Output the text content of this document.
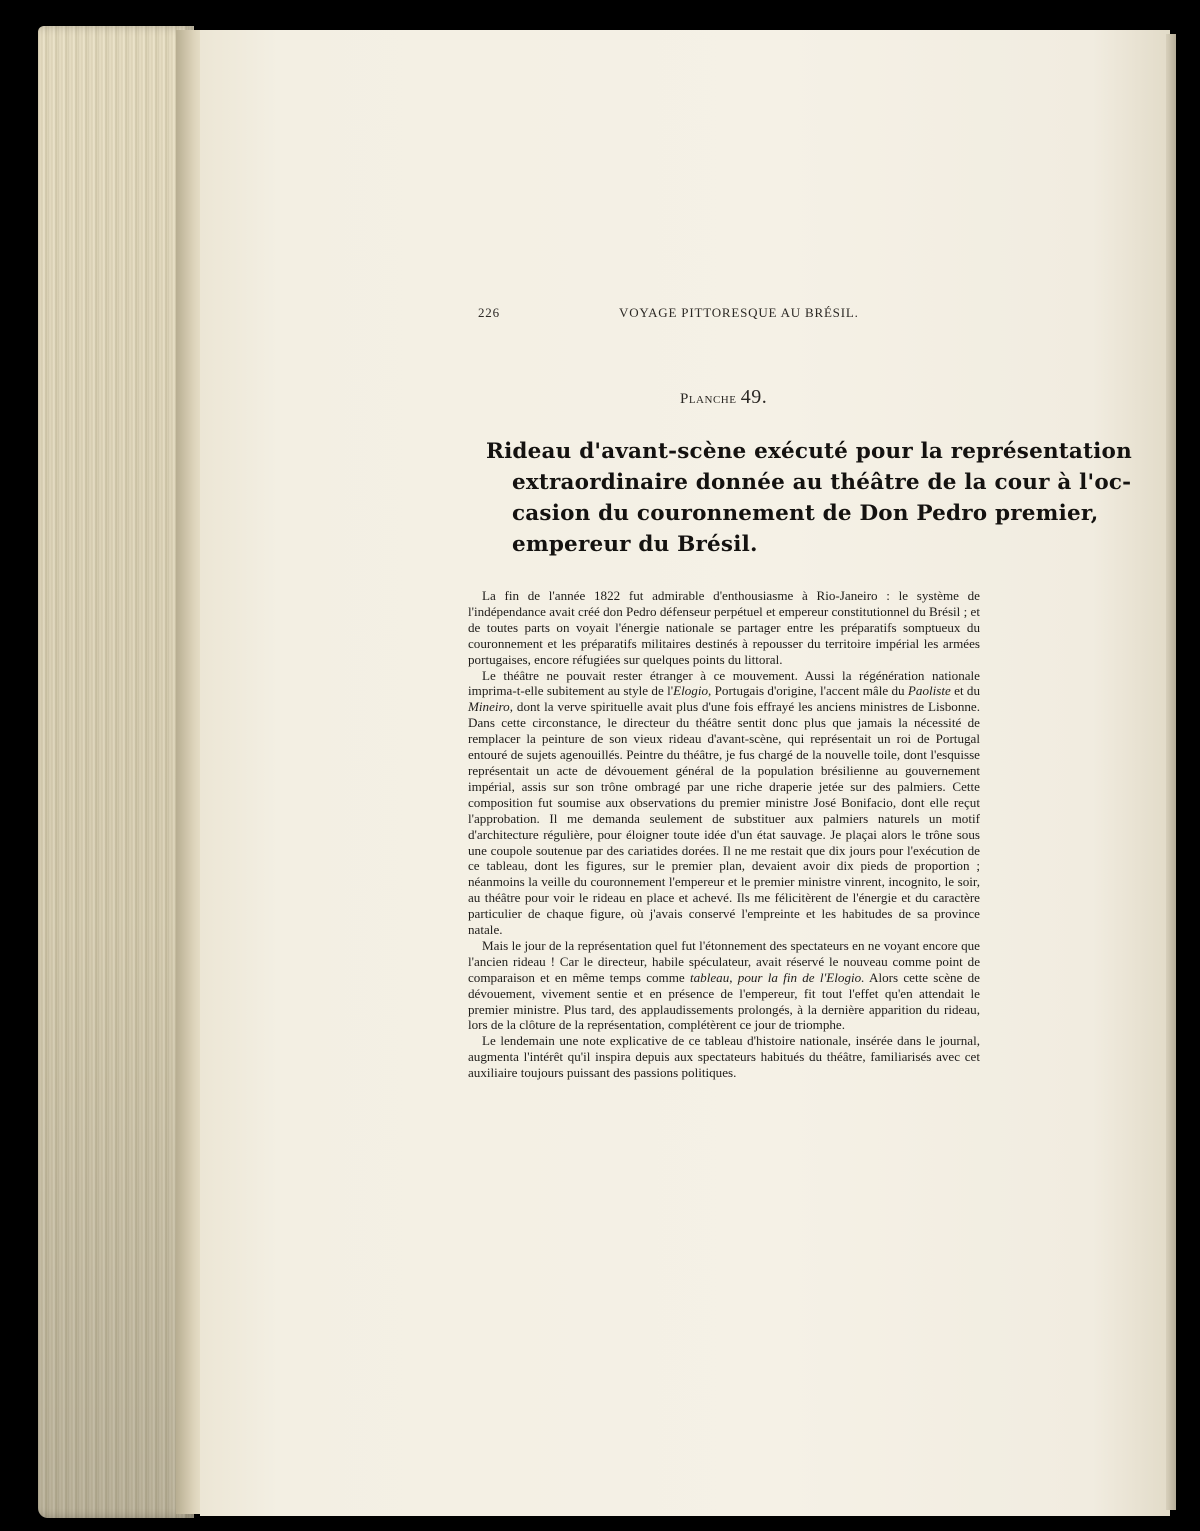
226	VOYAGE PITTORESQUE AU BRÉSIL.
Planche 49.
Rideau d'avant-scène exécuté pour la représentation
extraordinaire donnée au théâtre de la cour à l'oc-
casion du couronnement de Don Pedro premier,
empereur du Brésil.

La fin de l'année 1822 fut admirable d'enthousiasme à Rio-Janeiro : le système de l'indépendance avait créé don Pedro défenseur perpétuel et empereur constitutionnel du Brésil ; et de toutes parts on voyait l'énergie nationale se partager entre les préparatifs somptueux du couronnement et les préparatifs militaires destinés à repousser du territoire impérial les armées portugaises, encore réfugiées sur quelques points du littoral.

Le théâtre ne pouvait rester étranger à ce mouvement. Aussi la régénération nationale imprima-t-elle subitement au style de l'Elogio, Portugais d'origine, l'accent mâle du Paoliste et du Mineiro, dont la verve spirituelle avait plus d'une fois effrayé les anciens ministres de Lisbonne. Dans cette circonstance, le directeur du théâtre sentit donc plus que jamais la nécessité de remplacer la peinture de son vieux rideau d'avant-scène, qui représentait un roi de Portugal entouré de sujets agenouillés. Peintre du théâtre, je fus chargé de la nouvelle toile, dont l'esquisse représentait un acte de dévouement général de la population brésilienne au gouvernement impérial, assis sur son trône ombragé par une riche draperie jetée sur des palmiers. Cette composition fut soumise aux observations du premier ministre José Bonifacio, dont elle reçut l'approbation. Il me demanda seulement de substituer aux palmiers naturels un motif d'architecture régulière, pour éloigner toute idée d'un état sauvage. Je plaçai alors le trône sous une coupole soutenue par des cariatides dorées. Il ne me restait que dix jours pour l'exécution de ce tableau, dont les figures, sur le premier plan, devaient avoir dix pieds de proportion ; néanmoins la veille du couronnement l'empereur et le premier ministre vinrent, incognito, le soir, au théâtre pour voir le rideau en place et achevé. Ils me félicitèrent de l'énergie et du caractère particulier de chaque figure, où j'avais conservé l'empreinte et les habitudes de sa province natale.

Mais le jour de la représentation quel fut l'étonnement des spectateurs en ne voyant encore que l'ancien rideau ! Car le directeur, habile spéculateur, avait réservé le nouveau comme point de comparaison et en même temps comme tableau, pour la fin de l'Elogio. Alors cette scène de dévouement, vivement sentie et en présence de l'empereur, fit tout l'effet qu'en attendait le premier ministre. Plus tard, des applaudissements prolongés, à la dernière apparition du rideau, lors de la clôture de la représentation, complétèrent ce jour de triomphe.

Le lendemain une note explicative de ce tableau d'histoire nationale, insérée dans le journal, augmenta l'intérêt qu'il inspira depuis aux spectateurs habitués du théâtre, familiarisés avec cet auxiliaire toujours puissant des passions politiques.
